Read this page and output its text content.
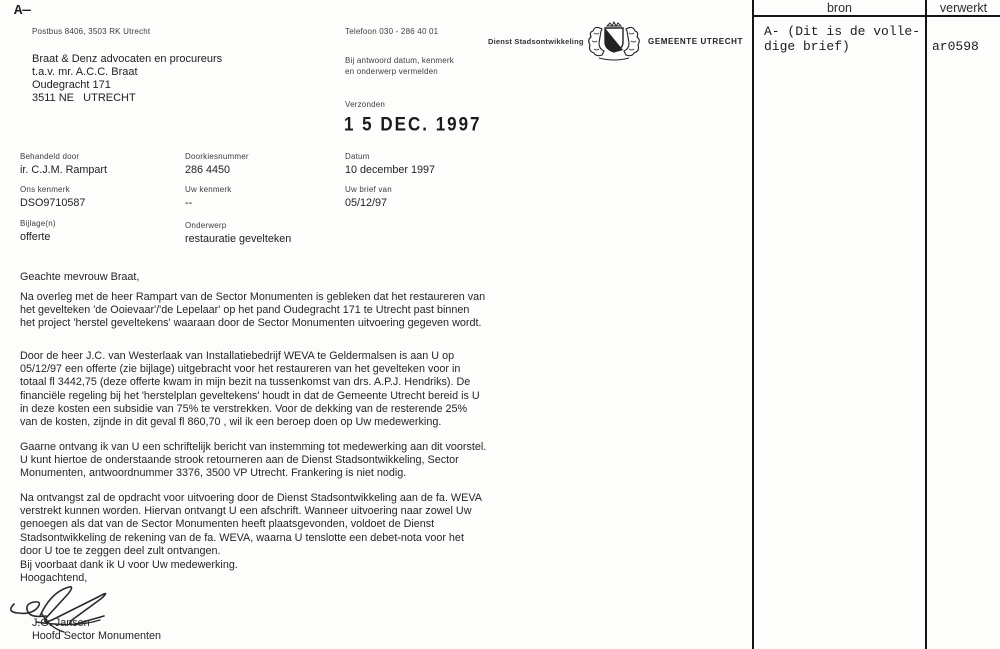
A—
Postbus 8406, 3503 RK Utrecht
Braat & Denz advocaten en procureurs
t.a.v. mr. A.C.C. Braat
Oudegracht 171
3511 NE   UTRECHT
Telefoon 030 - 286 40 01
Bij antwoord datum, kenmerk
en onderwerp vermelden
Dienst Stadsontwikkeling	GEMEENTE UTRECHT
Verzonden
1 5 DEC. 1997
Behandeld door
ir. C.J.M. Rampart
Doorkiesnummer
286 4450
Datum
10 december 1997
Ons kenmerk
DSO9710587
Uw kenmerk
--
Uw brief van
05/12/97
Bijlage(n)
offerte
Onderwerp
restauratie gevelteken
Geachte mevrouw Braat,
Na overleg met de heer Rampart van de Sector Monumenten is gebleken dat het restaureren van het gevelteken 'de Ooievaar'/'de Lepelaar' op het pand Oudegracht 171 te Utrecht past binnen het project 'herstel geveltekens' waaraan door de Sector Monumenten uitvoering gegeven wordt.
Door de heer J.C. van Westerlaak van Installatiebedrijf WEVA te Geldermalsen is aan U op 05/12/97 een offerte (zie bijlage) uitgebracht voor het restaureren van het gevelteken voor in totaal fl 3442,75 (deze offerte kwam in mijn bezit na tussenkomst van drs. A.P.J. Hendriks). De financiële regeling bij het 'herstelplan geveltekens' houdt in dat de Gemeente Utrecht bereid is U in deze kosten een subsidie van 75% te verstrekken. Voor de dekking van de resterende 25% van de kosten, zijnde in dit geval fl 860,70 , wil ik een beroep doen op Uw medewerking.
Gaarne ontvang ik van U een schriftelijk bericht van instemming tot medewerking aan dit voorstel. U kunt hiertoe de onderstaande strook retourneren aan de Dienst Stadsontwikkeling, Sector Monumenten, antwoordnummer 3376, 3500 VP Utrecht. Frankering is niet nodig.
Na ontvangst zal de opdracht voor uitvoering door de Dienst Stadsontwikkeling aan de fa. WEVA verstrekt kunnen worden. Hiervan ontvangt U een afschrift. Wanneer uitvoering naar zowel Uw genoegen als dat van de Sector Monumenten heeft plaatsgevonden, voldoet de Dienst Stadsontwikkeling de rekening van de fa. WEVA, waarna U tenslotte een debet-nota voor het door U toe te zeggen deel zult ontvangen.
Bij voorbaat dank ik U voor Uw medewerking.
Hoogachtend,
J.G. Jansen
Hoofd Sector Monumenten
bron	verwerkt
A- (Dit is de volle-
dige brief)	ar0598
